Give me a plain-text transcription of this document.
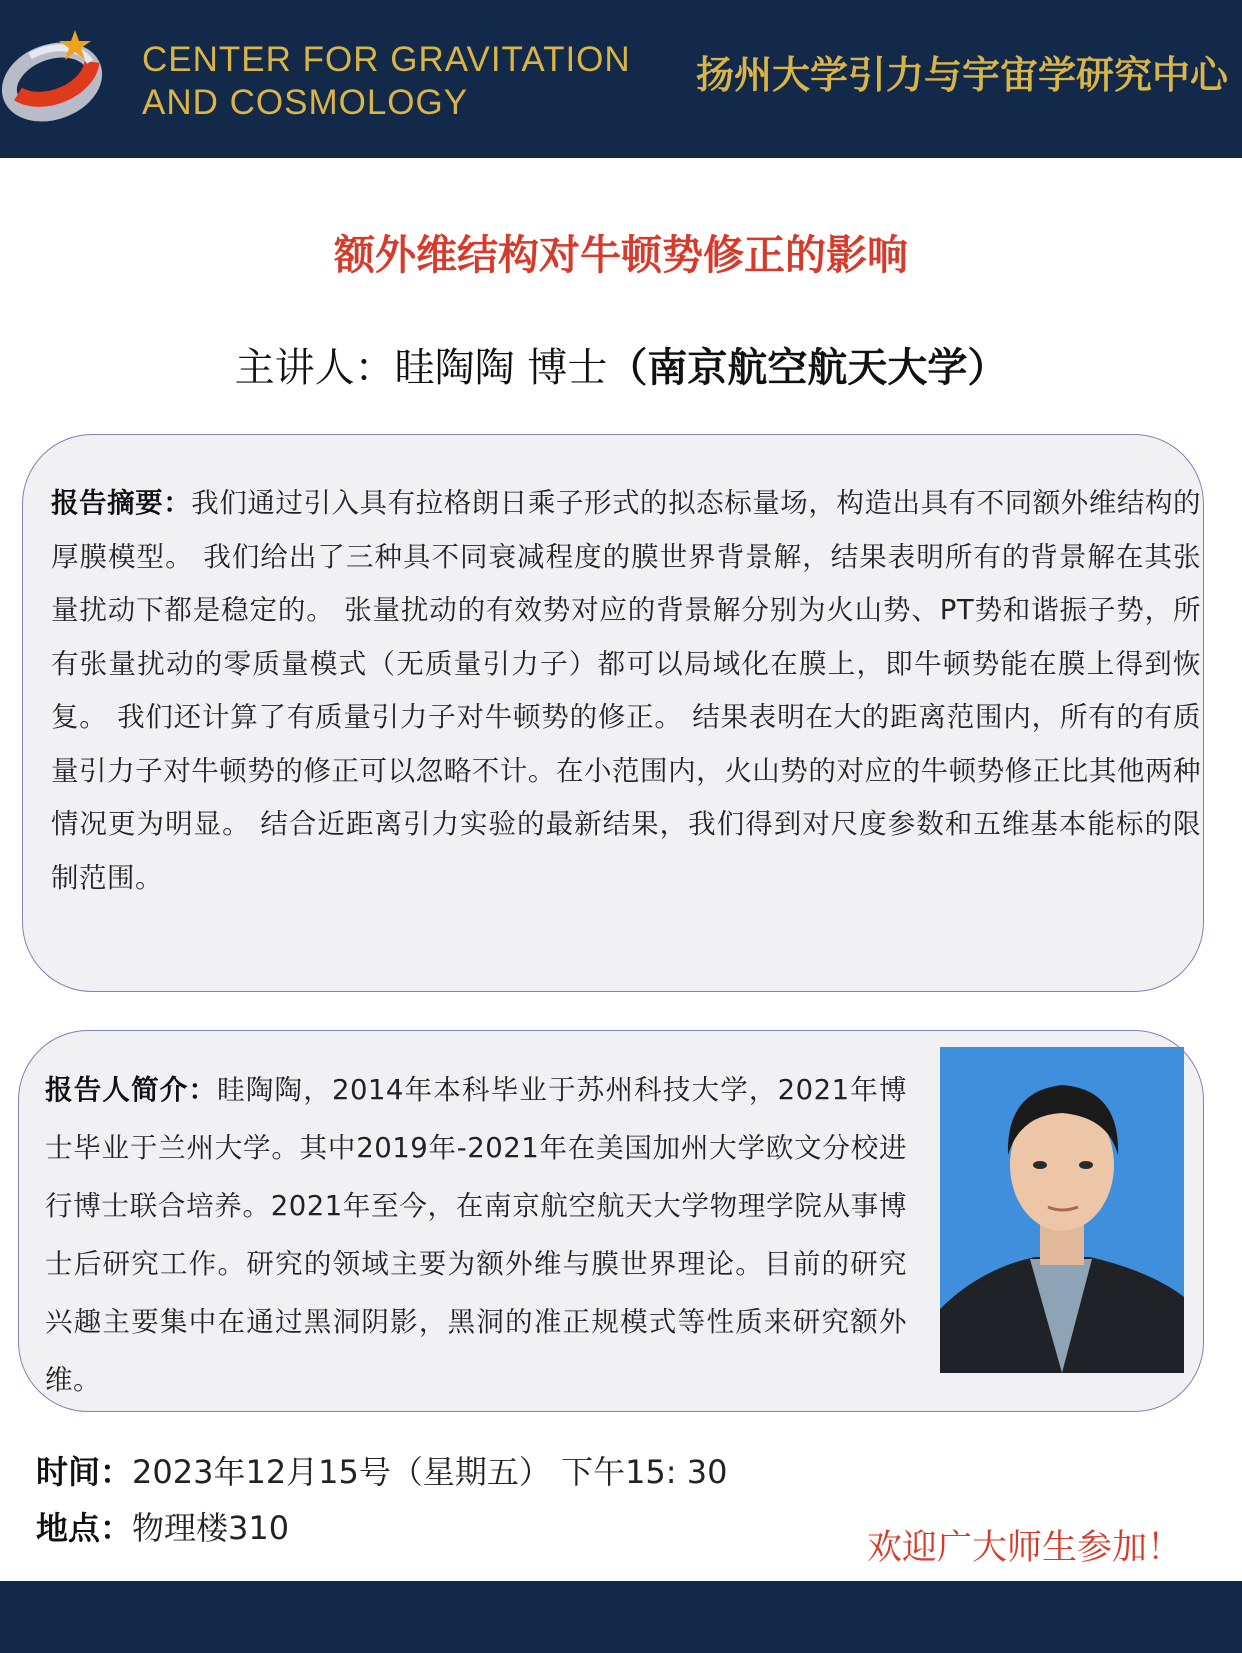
CENTER FOR GRAVITATION
AND COSMOLOGY
扬州大学引力与宇宙学研究中心
额外维结构对牛顿势修正的影响
主讲人：眭陶陶 博士（南京航空航天大学）
报告摘要：我们通过引入具有拉格朗日乘子形式的拟态标量场，构造出具有不同额外维结构的厚膜模型。 我们给出了三种具不同衰减程度的膜世界背景解，结果表明所有的背景解在其张量扰动下都是稳定的。 张量扰动的有效势对应的背景解分别为火山势、PT势和谐振子势，所有张量扰动的零质量模式（无质量引力子）都可以局域化在膜上，即牛顿势能在膜上得到恢复。 我们还计算了有质量引力子对牛顿势的修正。 结果表明在大的距离范围内，所有的有质量引力子对牛顿势的修正可以忽略不计。在小范围内，火山势的对应的牛顿势修正比其他两种情况更为明显。 结合近距离引力实验的最新结果，我们得到对尺度参数和五维基本能标的限制范围。
报告人简介：眭陶陶，2014年本科毕业于苏州科技大学，2021年博士毕业于兰州大学。其中2019年-2021年在美国加州大学欧文分校进行博士联合培养。2021年至今，在南京航空航天大学物理学院从事博士后研究工作。研究的领域主要为额外维与膜世界理论。目前的研究兴趣主要集中在通过黑洞阴影，黑洞的准正规模式等性质来研究额外维。
时间：2023年12月15号（星期五） 下午15: 30
地点：物理楼310	欢迎广大师生参加！
